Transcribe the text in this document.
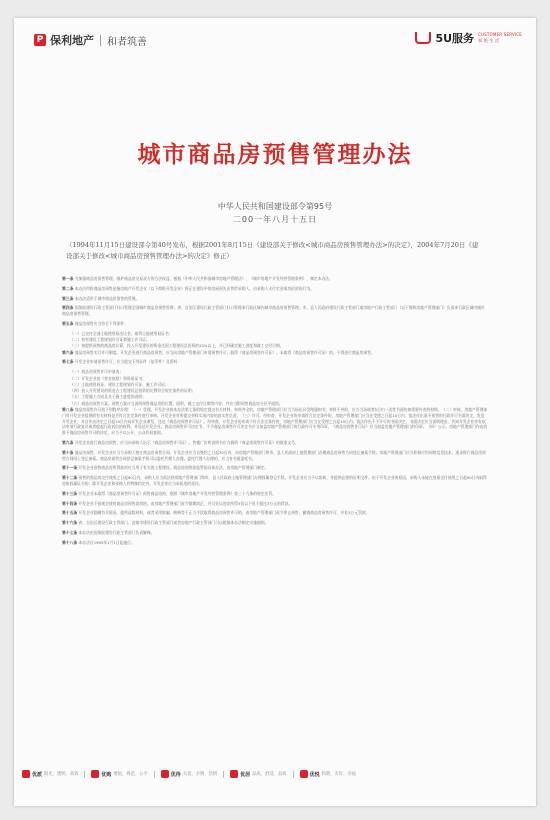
P 保利地产 和者筑善	5U服务 CUSTOMER SERVICE
和 悦 生 活
城市商品房预售管理办法
中华人民共和国建设部令第95号
二00一年八月十五日
（1994年11月15日建设部令第40号发布，根据2001年8月15日《建设部关于修改<城市商品房预售管理办法>的决定》，2004年7月20日《建设部关于修改<城市商品房预售管理办法>的决定》修正）
第一条 为加强商品房预售管理，维护商品房交易双方的合法权益，根据《中华人民共和国城市房地产管理法》、《城市房地产开发经营管理条例》，制定本办法。
第二条 本办法所称商品房预售是指房地产开发企业（以下简称开发企业）将正在建设中的房屋预先出售给承购人，由承购人支付定金或房价款的行为。
第三条 本办法适用于城市商品房预售的管理。
第四条 国务院建设行政主管部门归口管理全国城市商品房预售管理；省、自治区建设行政主管部门归口管理本行政区域内城市商品房预售管理；市、县人民政府建设行政主管部门或房地产行政主管部门（以下简称房地产管理部门）负责本行政区域内城市商品房预售管理。
第五条 商品房预售应当符合下列条件：
（一）已交付全部土地使用权出让金，取得土地使用权证书；
（二）持有建设工程规划许可证和施工许可证；
（三）按提供预售的商品房计算，投入开发建设的资金达到工程建设总投资的25%以上，并已经确定施工进度和竣工交付日期。
第六条 商品房预售实行许可制度。开发企业进行商品房预售，应当向房地产管理部门申请预售许可，取得《商品房预售许可证》。未取得《商品房预售许可证》的，不得进行商品房预售。
第七条 开发企业申请预售许可，应当提交下列证件（复印件）及资料：
（一）商品房预售许可申请表；
（二）开发企业的《营业执照》和资质证书；
（三）土地使用权证、建设工程规划许可证、施工许可证；
（四）投入开发建设的资金占工程建设总投资的比例符合规定条件的证明；
（五）工程施工合同及关于施工进度的说明；
（六）商品房预售方案。预售方案应当说明预售商品房的位置、面积、竣工交付日期等内容，并应当附预售商品房分层平面图。
第八条 商品房预售许可依下列程序办理：（一）受理。开发企业按本办法第七条的规定提交有关材料，材料齐全的，房地产管理部门应当当场出具受理通知书；材料不齐的，应当当场或者5日内一次性书面告知需要补充的材料。（二）审核。房地产管理部门对开发企业提供的有关材料是否符合法定条件进行审核。开发企业对所提交材料实质内容的真实性负责。（三）许可。经审查，开发企业的申请符合法定条件的，房地产管理部门应当在受理之日起10日内，依法作出准予预售的行政许可书面决定，发送开发企业，并自作出决定之日起10日内向开发企业颁发、送达《商品房预售许可证》。经审查，开发企业的申请不符合法定条件的，房地产管理部门应当在受理之日起10日内，依法作出不予许可的书面决定。书面决定应当说明理由，告知开发企业享有依法申请行政复议或者提起行政诉讼的权利，并送达开发企业。商品房预售许可决定书、不予商品房预售许可决定书应当加盖房地产管理部门的行政许可专用印章，《商品房预售许可证》应当加盖房地产管理部门的印章。（四）公示。房地产管理部门作出的准予商品房预售许可的决定，应当予以公开，公众有权查阅。
第九条 开发企业进行商品房预售，应当向承购人出示《商品房预售许可证》。售楼广告和说明书应当载明《商品房预售许可证》的批准文号。
第十条 商品房预售，开发企业应当与承购人签订商品房预售合同。开发企业应当自签约之日起30日内，向房地产管理部门和市、县人民政府土地管理部门办理商品房预售合同登记备案手续。房地产管理部门应当积极应用网络信息技术，逐步推行商品房预售合同网上登记备案。商品房预售合同登记备案手续可以委托代理人办理。委托代理人办理的，应当有书面委托书。
第十一条 开发企业预售商品房所得款项应当用于有关的工程建设。商品房预售款监管的具体办法，由房地产管理部门制定。
第十二条 预售的商品房交付使用之日起90日内，承购人应当依法到房地产管理部门和市、县人民政府土地管理部门办理权属登记手续。开发企业应当予以协助，并提供必要的证明文件。由于开发企业的原因，承购人未能在房屋交付使用之日起90日内取得房屋权属证书的，除开发企业和承购人有特殊约定外，开发企业应当承担违约责任。
第十三条 开发企业未取得《商品房预售许可证》预售商品房的，依照《城市房地产开发经营管理条例》第三十九条的规定处罚。
第十四条 开发企业不按规定使用商品房预售款项的，由房地产管理部门责令限期纠正，并可处以违法所得3倍以下但不超过3万元的罚款。
第十五条 开发企业隐瞒有关情况、提供虚假材料，或者采用欺骗、贿赂等不正当手段取得商品房预售许可的，由房地产管理部门责令停止预售，撤销商品房预售许可，并处3万元罚款。
第十六条 省、自治区建设行政主管部门、直辖市建设行政主管部门或者房地产行政主管部门可以根据本办法制定实施细则。
第十七条 本办法由国务院建设行政主管部门负责解释。
第十八条 本办法自1995年1月1日起施行。
优派 阳光、透明、高效	优购 增值、规范、公平	优待 关爱、亲情、热情	优居 品质、舒适、品质	优悦 和谐、友好、幸福
